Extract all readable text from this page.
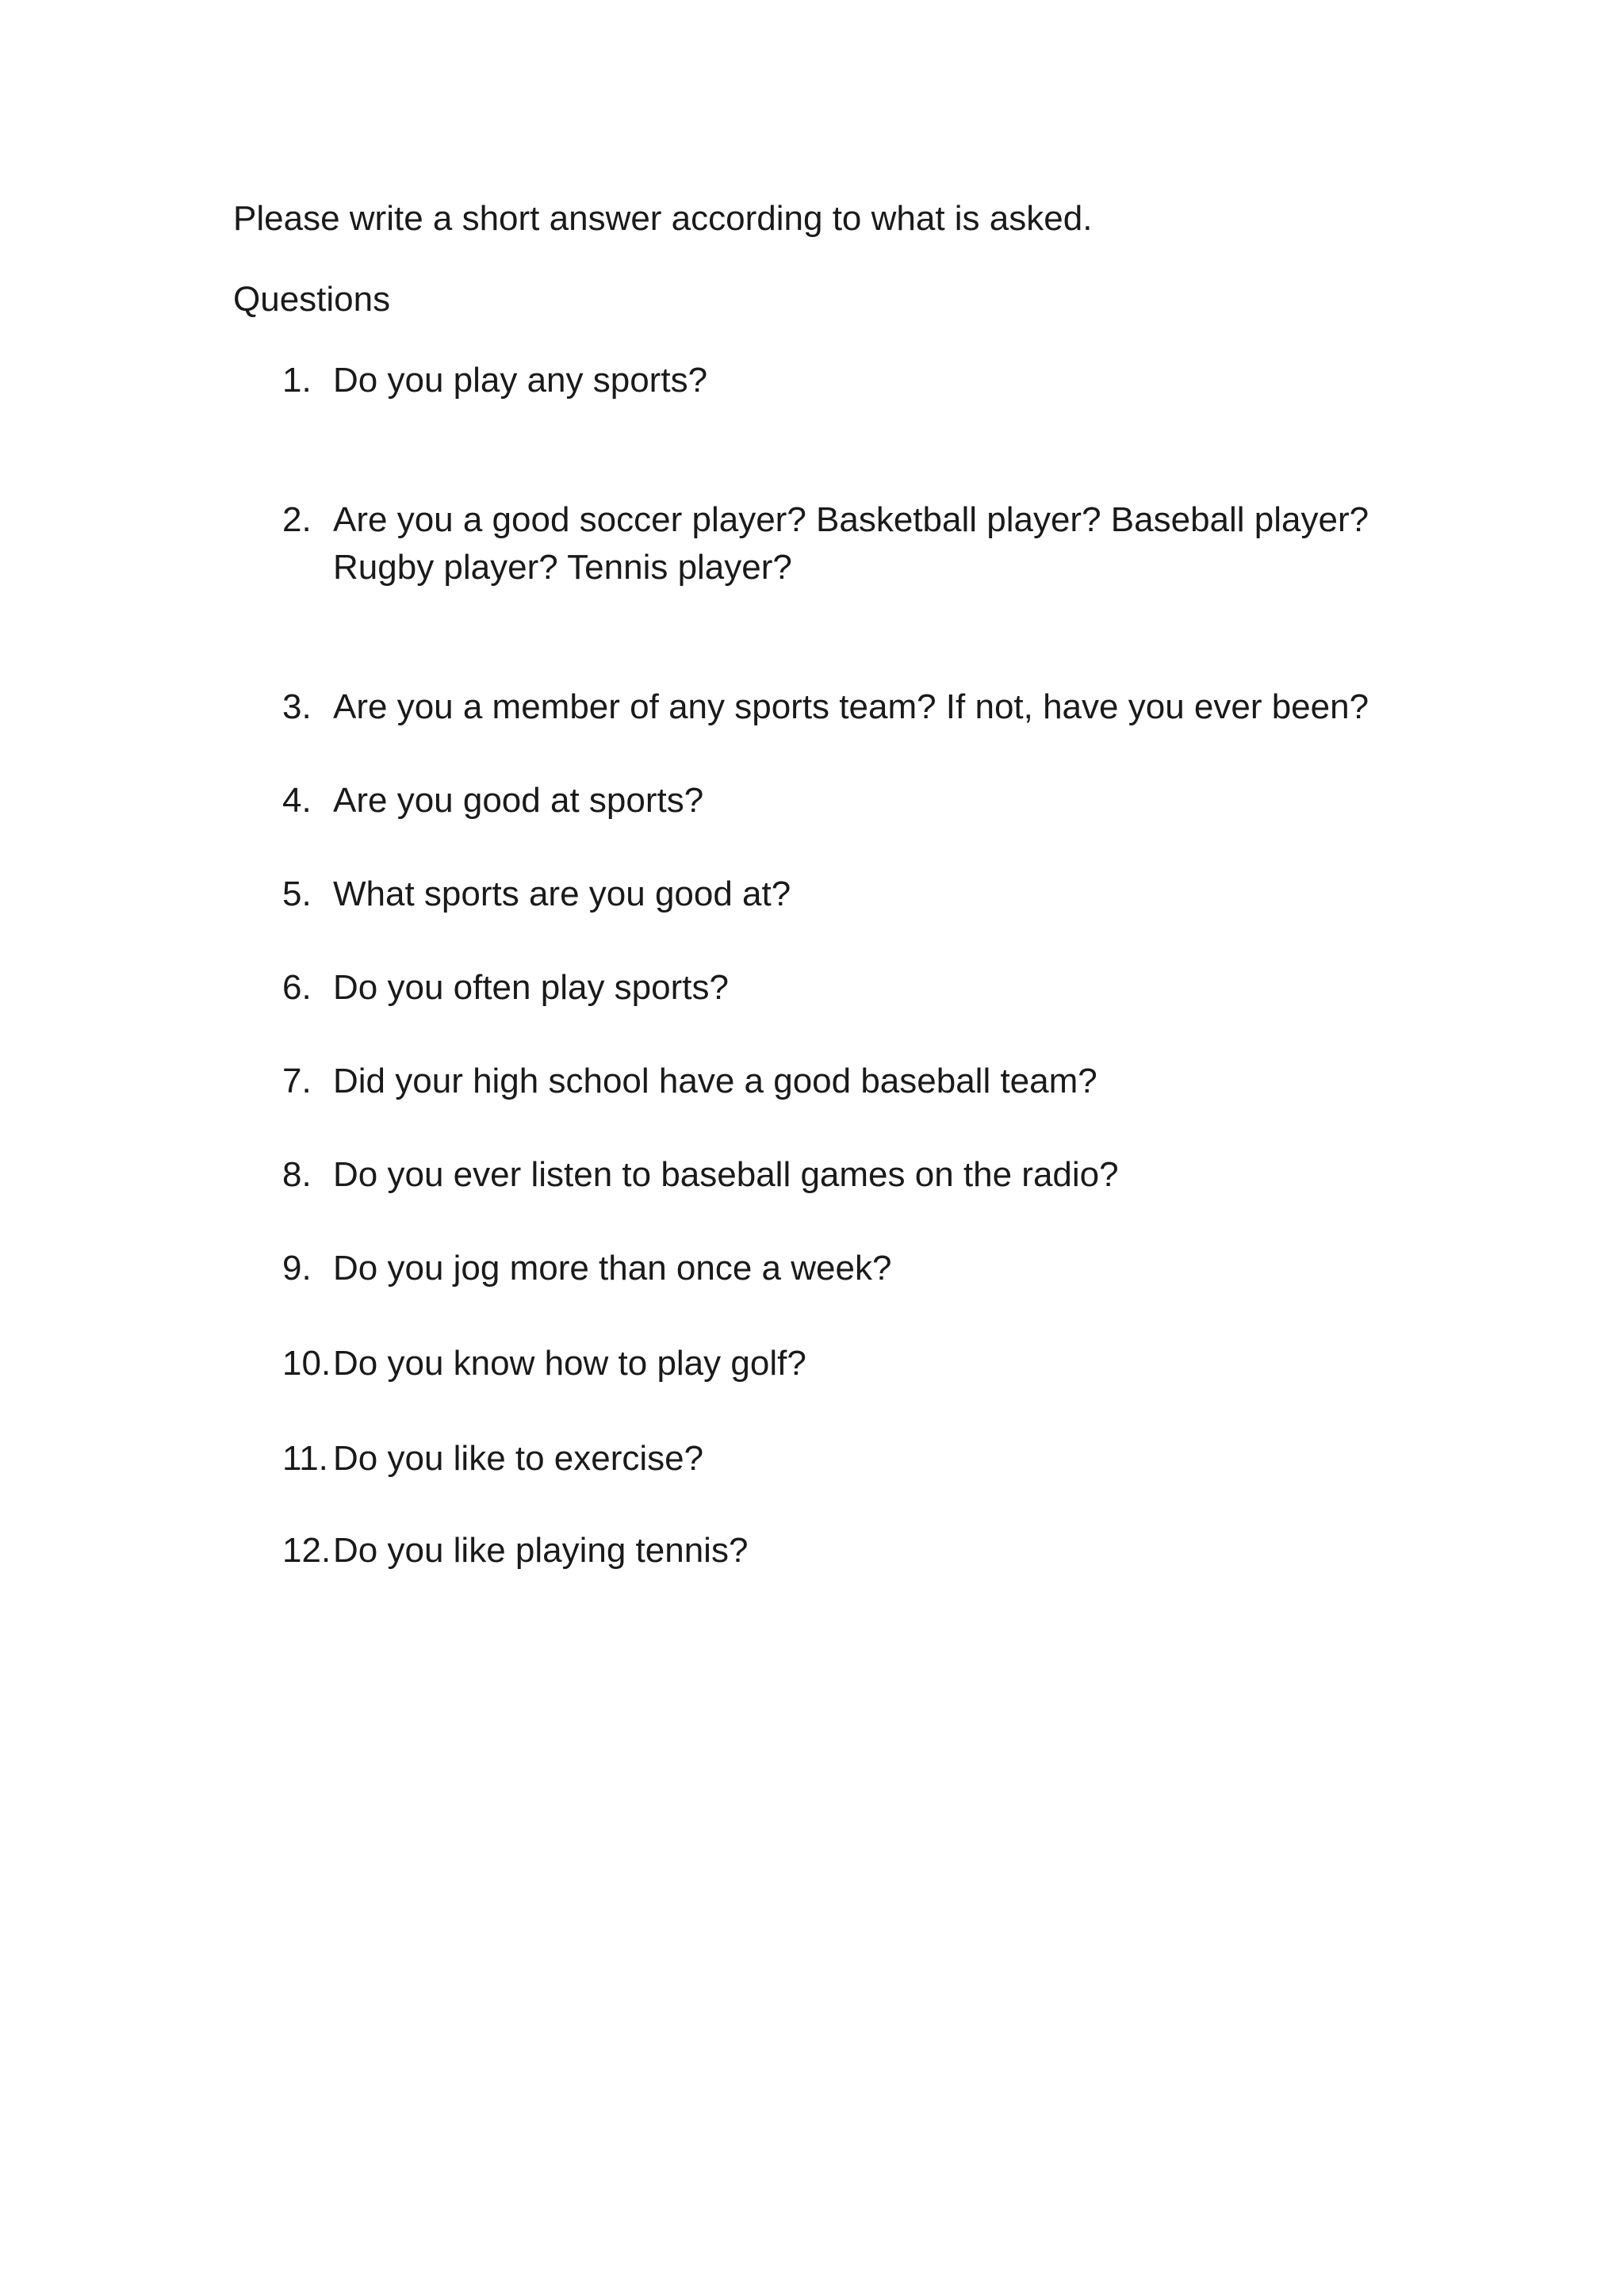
Please write a short answer according to what is asked.
Questions
1. Do you play any sports?
2. Are you a good soccer player? Basketball player? Baseball player?
Rugby player? Tennis player?
3. Are you a member of any sports team? If not, have you ever been?
4. Are you good at sports?
5. What sports are you good at?
6. Do you often play sports?
7. Did your high school have a good baseball team?
8. Do you ever listen to baseball games on the radio?
9. Do you jog more than once a week?
10. Do you know how to play golf?
11. Do you like to exercise?
12. Do you like playing tennis?
